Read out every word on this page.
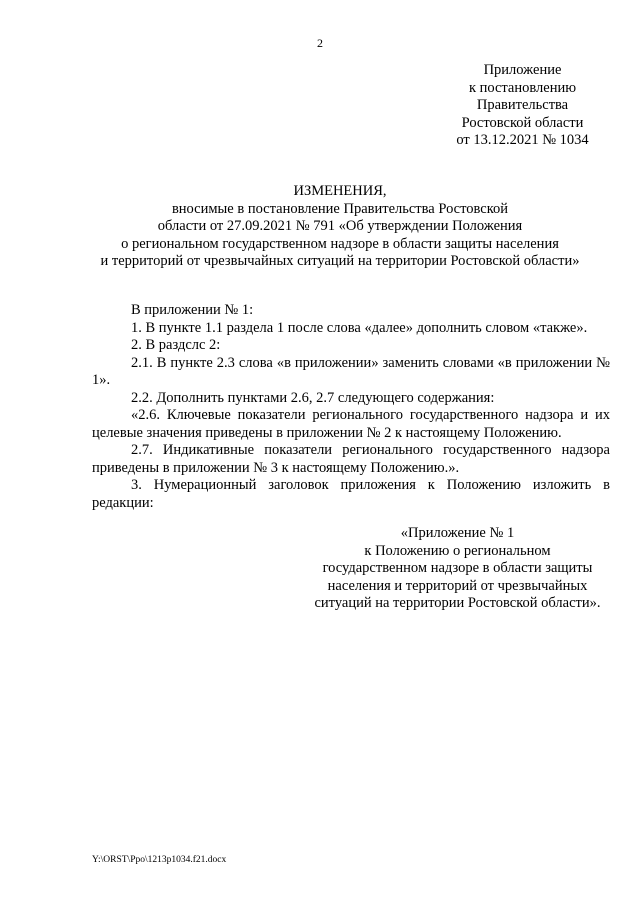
2
Приложение
к постановлению
Правительства
Ростовской области
от 13.12.2021 № 1034
ИЗМЕНЕНИЯ,
вносимые в постановление Правительства Ростовской
области от 27.09.2021 № 791 «Об утверждении Положения
о региональном государственном надзоре в области защиты населения
и территорий от чрезвычайных ситуаций на территории Ростовской области»

В приложении № 1:

1. В пункте 1.1 раздела 1 после слова «далее» дополнить словом «также».

2. В раздслс 2:

2.1. В пункте 2.3 слова «в приложении» заменить словами «в приложении № 1».

2.2. Дополнить пунктами 2.6, 2.7 следующего содержания:

«2.6. Ключевые показатели регионального государственного надзора и их целевые значения приведены в приложении № 2 к настоящему Положению.

2.7. Индикативные показатели регионального государственного надзора приведены в приложении № 3 к настоящему Положению.».

3. Нумерационный заголовок приложения к Положению изложить в редакции:

«Приложение № 1
к Положению о региональном
государственном надзоре в области защиты
населения и территорий от чрезвычайных
ситуаций на территории Ростовской области».
Y:\ORST\Ppo\1213p1034.f21.docx
